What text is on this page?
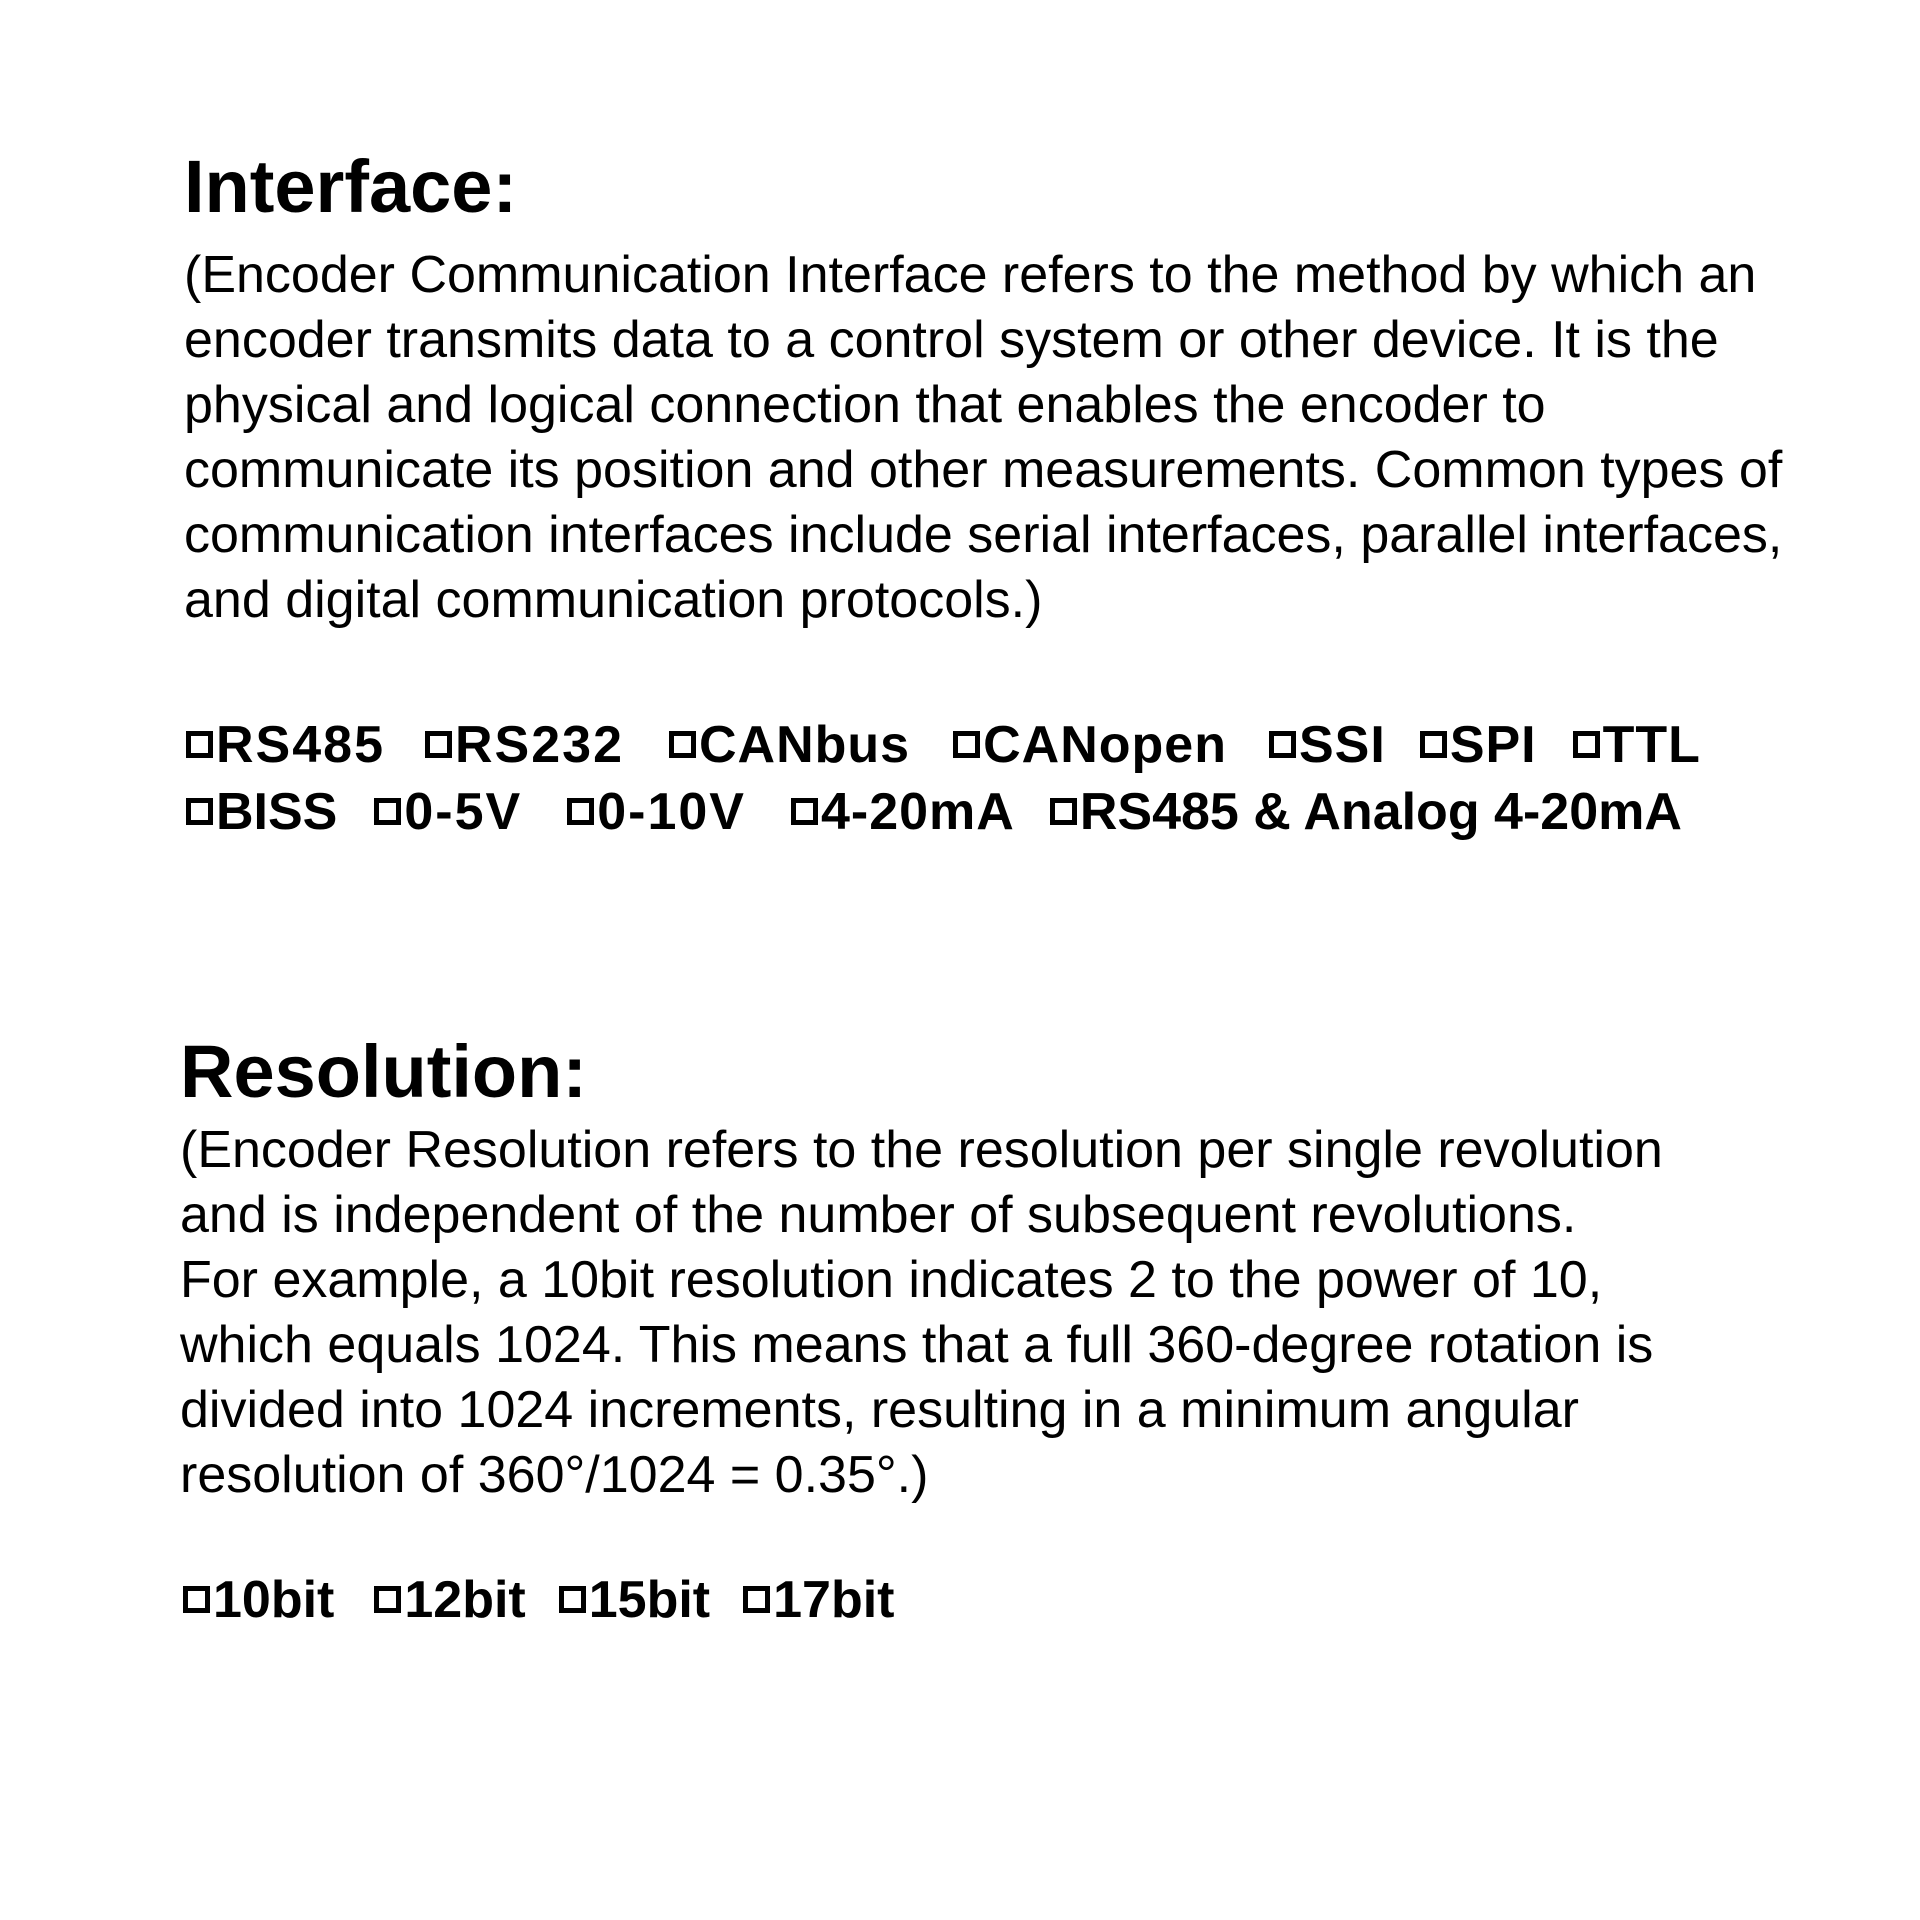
Interface:
(Encoder Communication Interface refers to the method by which an
encoder transmits data to a control system or other device. It is the
physical and logical connection that enables the encoder to
communicate its position and other measurements. Common types of
communication interfaces include serial interfaces, parallel interfaces,
and digital communication protocols.)
RS485 RS232 CANbus CANopen SSI SPI TTL
BISS 0-5V 0-10V 4-20mA RS485 & Analog 4-20mA
Resolution:
(Encoder Resolution refers to the resolution per single revolution
and is independent of the number of subsequent revolutions.
For example, a 10bit resolution indicates 2 to the power of 10,
which equals 1024. This means that a full 360-degree rotation is
divided into 1024 increments, resulting in a minimum angular
resolution of 360°/1024 = 0.35°.)
10bit 12bit 15bit 17bit
